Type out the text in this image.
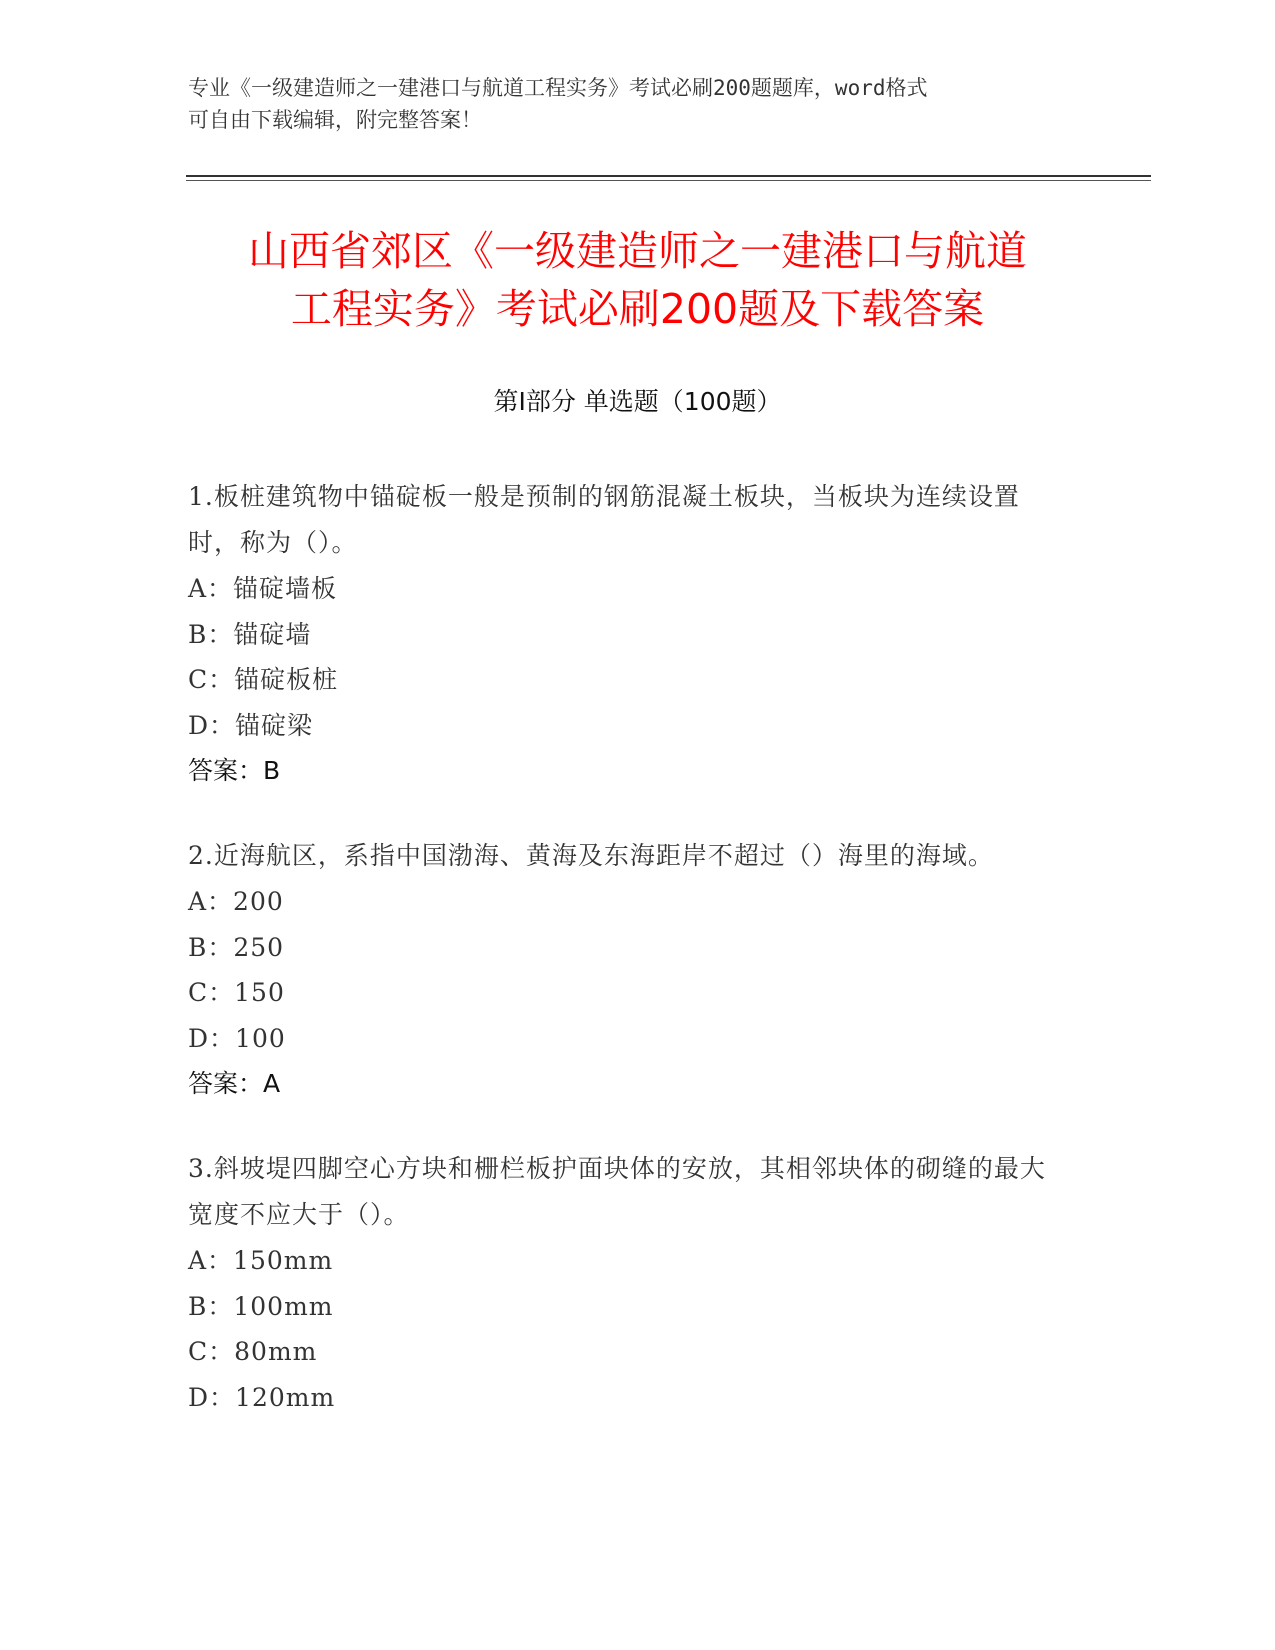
专业《一级建造师之一建港口与航道工程实务》考试必刷200题题库，word格式
可自由下载编辑，附完整答案！
山西省郊区《一级建造师之一建港口与航道
工程实务》考试必刷200题及下载答案
第I部分 单选题（100题）
1.板桩建筑物中锚碇板一般是预制的钢筋混凝土板块，当板块为连续设置时，称为（）。
A：锚碇墙板
B：锚碇墙
C：锚碇板桩
D：锚碇梁
答案：B
2.近海航区，系指中国渤海、黄海及东海距岸不超过（）海里的海域。
A：200
B：250
C：150
D：100
答案：A
3.斜坡堤四脚空心方块和栅栏板护面块体的安放，其相邻块体的砌缝的最大宽度不应大于（）。
A：150mm
B：100mm
C：80mm
D：120mm
